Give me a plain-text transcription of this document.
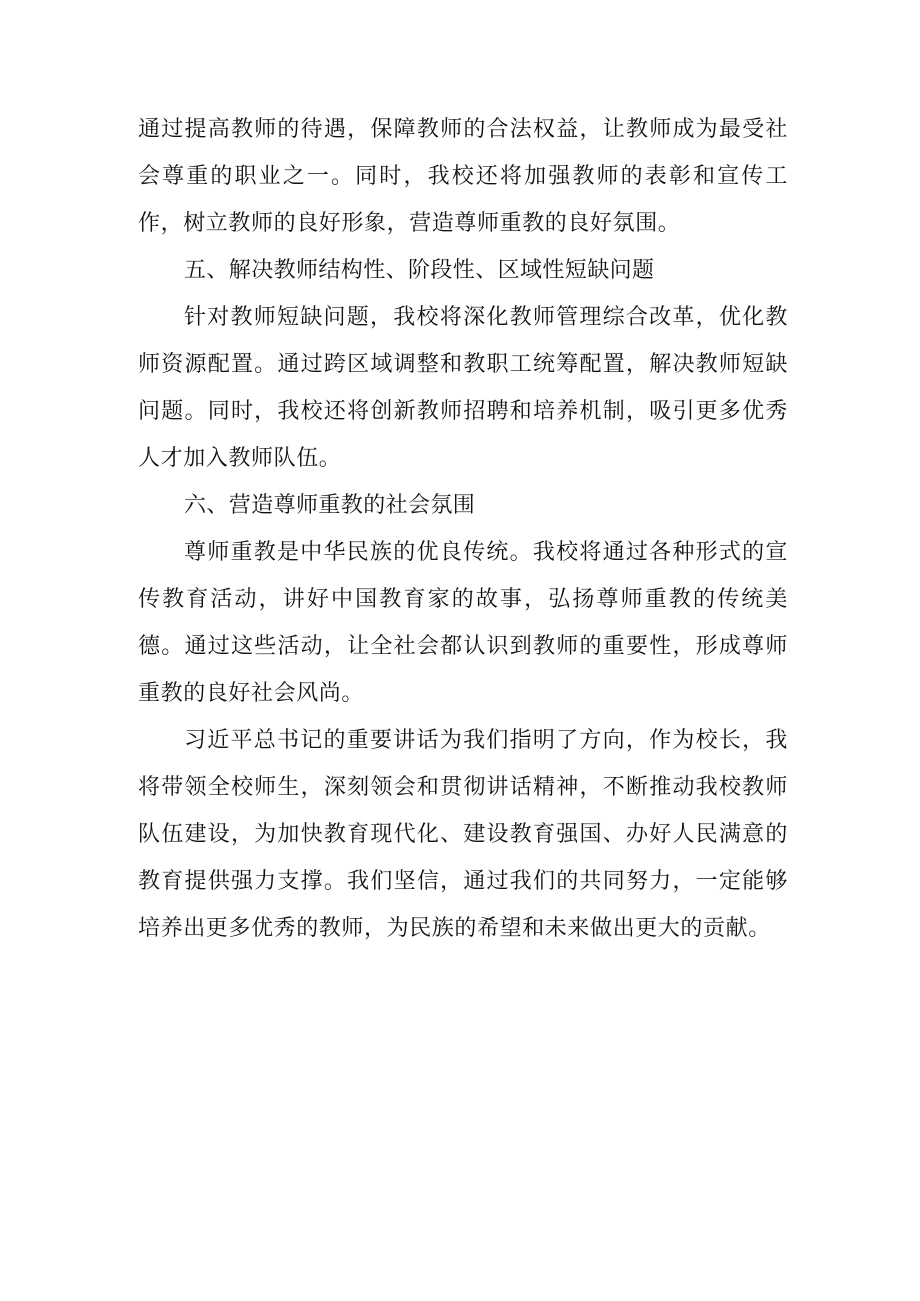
通过提高教师的待遇，保障教师的合法权益，让教师成为最受社会尊重的职业之一。同时，我校还将加强教师的表彰和宣传工作，树立教师的良好形象，营造尊师重教的良好氛围。

五、解决教师结构性、阶段性、区域性短缺问题

针对教师短缺问题，我校将深化教师管理综合改革，优化教师资源配置。通过跨区域调整和教职工统筹配置，解决教师短缺问题。同时，我校还将创新教师招聘和培养机制，吸引更多优秀人才加入教师队伍。

六、营造尊师重教的社会氛围

尊师重教是中华民族的优良传统。我校将通过各种形式的宣传教育活动，讲好中国教育家的故事，弘扬尊师重教的传统美德。通过这些活动，让全社会都认识到教师的重要性，形成尊师重教的良好社会风尚。

习近平总书记的重要讲话为我们指明了方向，作为校长，我将带领全校师生，深刻领会和贯彻讲话精神，不断推动我校教师队伍建设，为加快教育现代化、建设教育强国、办好人民满意的教育提供强力支撑。我们坚信，通过我们的共同努力，一定能够培养出更多优秀的教师，为民族的希望和未来做出更大的贡献。
